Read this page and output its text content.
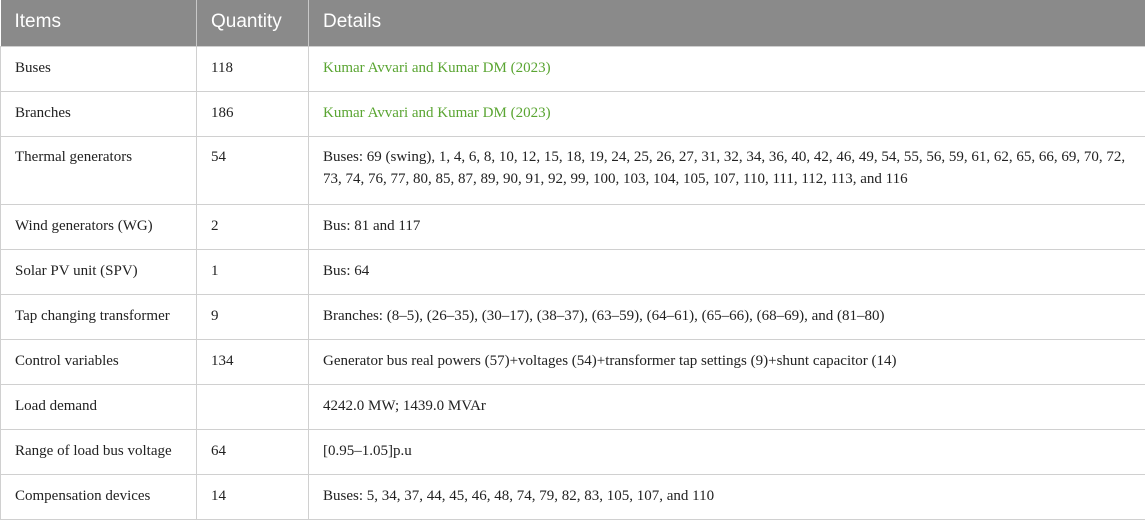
Items	Quantity	Details
Buses	118	Kumar Avvari and Kumar DM (2023)
Branches	186	Kumar Avvari and Kumar DM (2023)
Thermal generators	54	Buses: 69 (swing), 1, 4, 6, 8, 10, 12, 15, 18, 19, 24, 25, 26, 27, 31, 32, 34, 36, 40, 42, 46, 49, 54, 55, 56, 59, 61, 62, 65, 66, 69, 70, 72, 73, 74, 76, 77, 80, 85, 87, 89, 90, 91, 92, 99, 100, 103, 104, 105, 107, 110, 111, 112, 113, and 116
Wind generators (WG)	2	Bus: 81 and 117
Solar PV unit (SPV)	1	Bus: 64
Tap changing transformer	9	Branches: (8–5), (26–35), (30–17), (38–37), (63–59), (64–61), (65–66), (68–69), and (81–80)
Control variables	134	Generator bus real powers (57)+voltages (54)+transformer tap settings (9)+shunt capacitor (14)
Load demand		4242.0 MW; 1439.0 MVAr
Range of load bus voltage	64	[0.95–1.05]p.u
Compensation devices	14	Buses: 5, 34, 37, 44, 45, 46, 48, 74, 79, 82, 83, 105, 107, and 110
